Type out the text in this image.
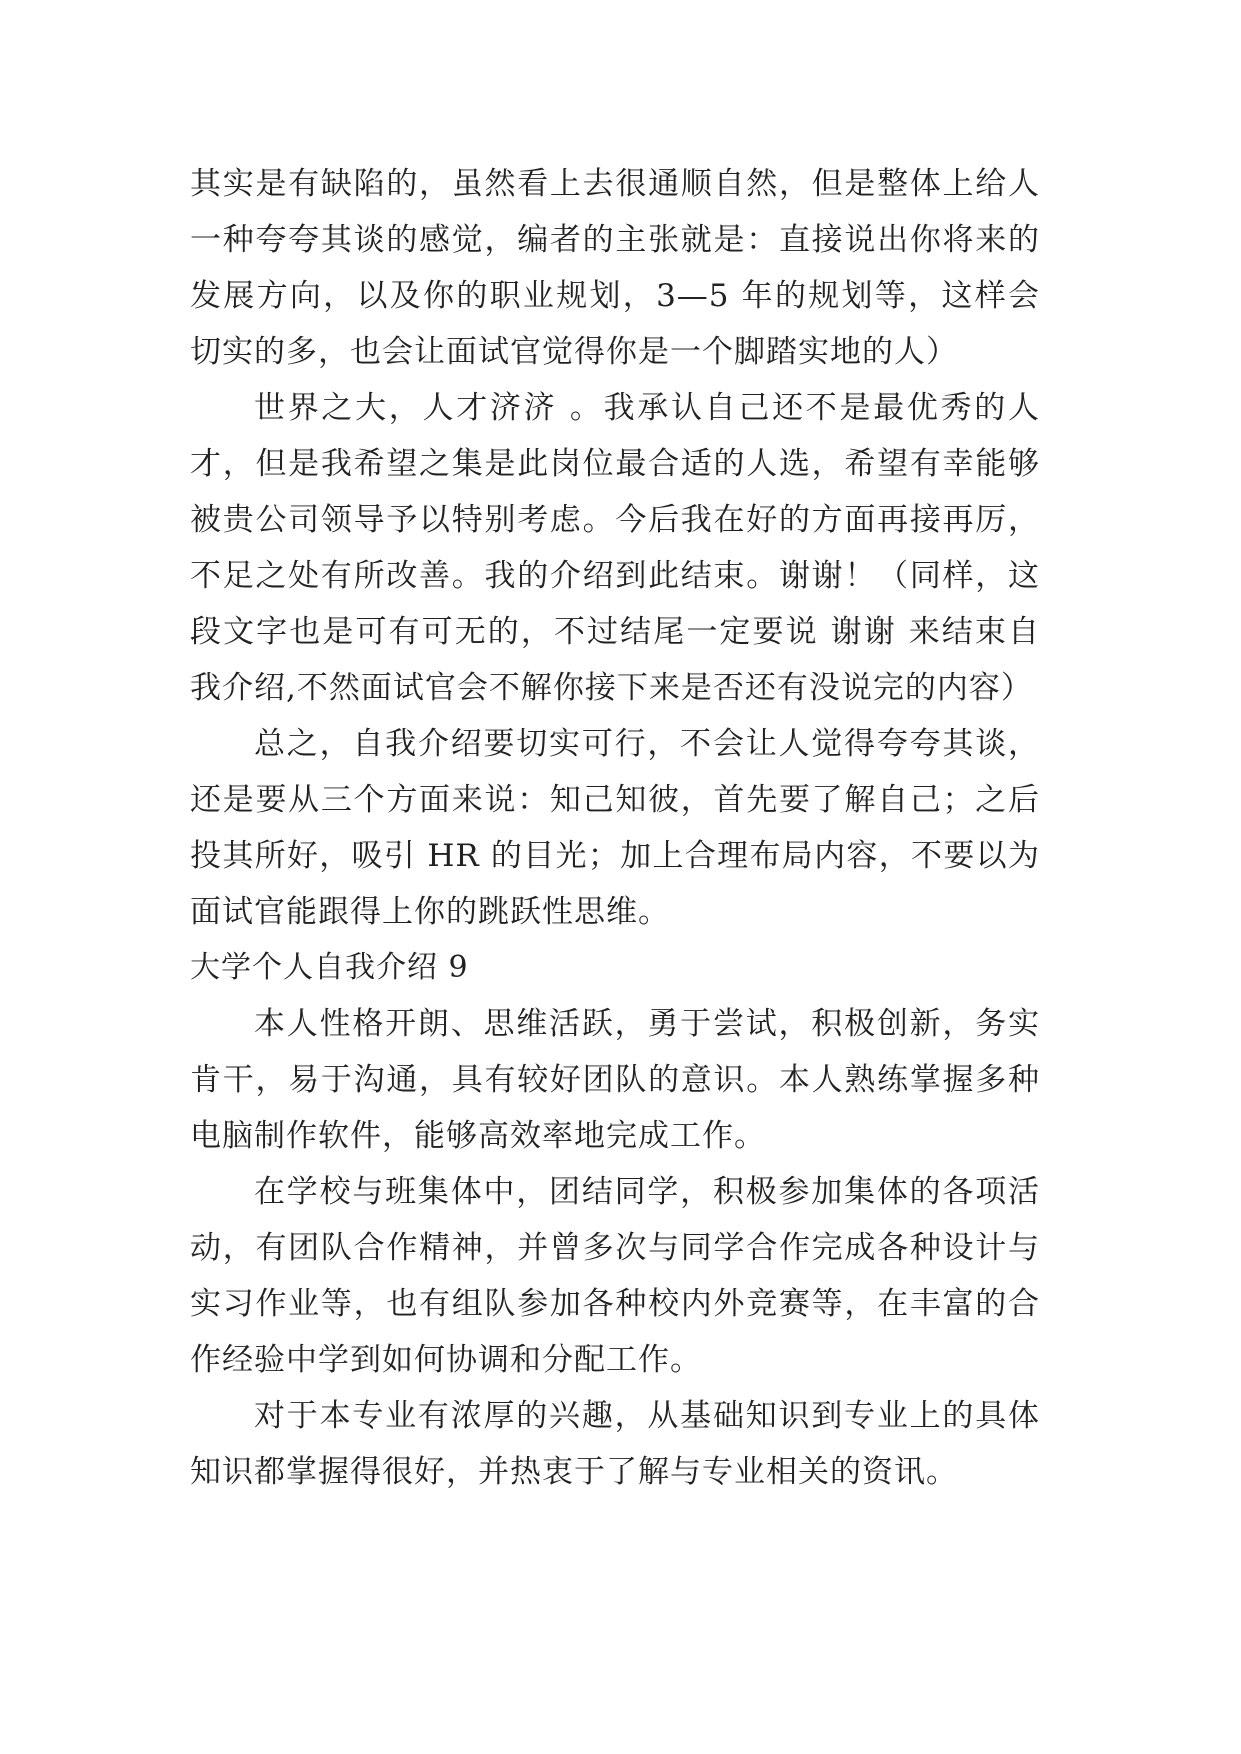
其实是有缺陷的，虽然看上去很通顺自然，但是整体上给人一种夸夸其谈的感觉，编者的主张就是：直接说出你将来的发展方向，以及你的职业规划，3—5 年的规划等，这样会切实的多，也会让面试官觉得你是一个脚踏实地的人）

世界之大，人才济济 。我承认自己还不是最优秀的人才，但是我希望之集是此岗位最合适的人选，希望有幸能够被贵公司领导予以特别考虑。今后我在好的方面再接再厉，不足之处有所改善。我的介绍到此结束。谢谢！（同样，这段文字也是可有可无的，不过结尾一定要说 谢谢 来结束自我介绍,不然面试官会不解你接下来是否还有没说完的内容）

总之，自我介绍要切实可行，不会让人觉得夸夸其谈，还是要从三个方面来说：知己知彼，首先要了解自己；之后投其所好，吸引 HR 的目光；加上合理布局内容，不要以为面试官能跟得上你的跳跃性思维。

大学个人自我介绍 9

本人性格开朗、思维活跃，勇于尝试，积极创新，务实肯干，易于沟通，具有较好团队的意识。本人熟练掌握多种电脑制作软件，能够高效率地完成工作。

在学校与班集体中，团结同学，积极参加集体的各项活动，有团队合作精神，并曾多次与同学合作完成各种设计与实习作业等，也有组队参加各种校内外竞赛等，在丰富的合作经验中学到如何协调和分配工作。

对于本专业有浓厚的兴趣，从基础知识到专业上的具体知识都掌握得很好，并热衷于了解与专业相关的资讯。
